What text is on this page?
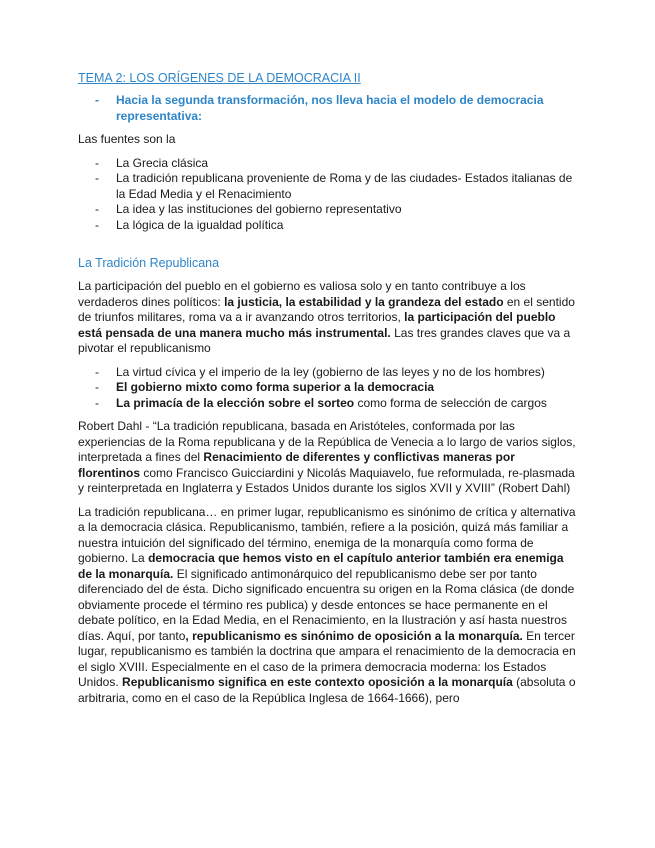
TEMA 2: LOS ORÍGENES DE LA DEMOCRACIA II
- Hacia la segunda transformación, nos lleva hacia el modelo de democracia representativa:

Las fuentes son la

- La Grecia clásica
- La tradición republicana proveniente de Roma y de las ciudades- Estados italianas de la Edad Media y el Renacimiento
- La idea y las instituciones del gobierno representativo
- La lógica de la igualdad política
La Tradición Republicana

La participación del pueblo en el gobierno es valiosa solo y en tanto contribuye a los verdaderos dines políticos: la justicia, la estabilidad y la grandeza del estado en el sentido de triunfos militares, roma va a ir avanzando otros territorios, la participación del pueblo está pensada de una manera mucho más instrumental. Las tres grandes claves que va a pivotar el republicanismo

- La virtud cívica y el imperio de la ley (gobierno de las leyes y no de los hombres)
- El gobierno mixto como forma superior a la democracia
- La primacía de la elección sobre el sorteo como forma de selección de cargos

Robert Dahl - “La tradición republicana, basada en Aristóteles, conformada por las experiencias de la Roma republicana y de la República de Venecia a lo largo de varios siglos, interpretada a fines del Renacimiento de diferentes y conflictivas maneras por florentinos como Francisco Guicciardini y Nicolás Maquiavelo, fue reformulada, re-plasmada y reinterpretada en Inglaterra y Estados Unidos durante los siglos XVII y XVIII” (Robert Dahl)

La tradición republicana… en primer lugar, republicanismo es sinónimo de crítica y alternativa a la democracia clásica. Republicanismo, también, refiere a la posición, quizá más familiar a nuestra intuición del significado del término, enemiga de la monarquía como forma de gobierno. La democracia que hemos visto en el capítulo anterior también era enemiga de la monarquía. El significado antimonárquico del republicanismo debe ser por tanto diferenciado del de ésta. Dicho significado encuentra su origen en la Roma clásica (de donde obviamente procede el término res publica) y desde entonces se hace permanente en el debate político, en la Edad Media, en el Renacimiento, en la Ilustración y así hasta nuestros días. Aquí, por tanto, republicanismo es sinónimo de oposición a la monarquía. En tercer lugar, republicanismo es también la doctrina que ampara el renacimiento de la democracia en el siglo XVIII. Especialmente en el caso de la primera democracia moderna: los Estados Unidos. Republicanismo significa en este contexto oposición a la monarquía (absoluta o arbitraria, como en el caso de la República Inglesa de 1664-1666), pero
